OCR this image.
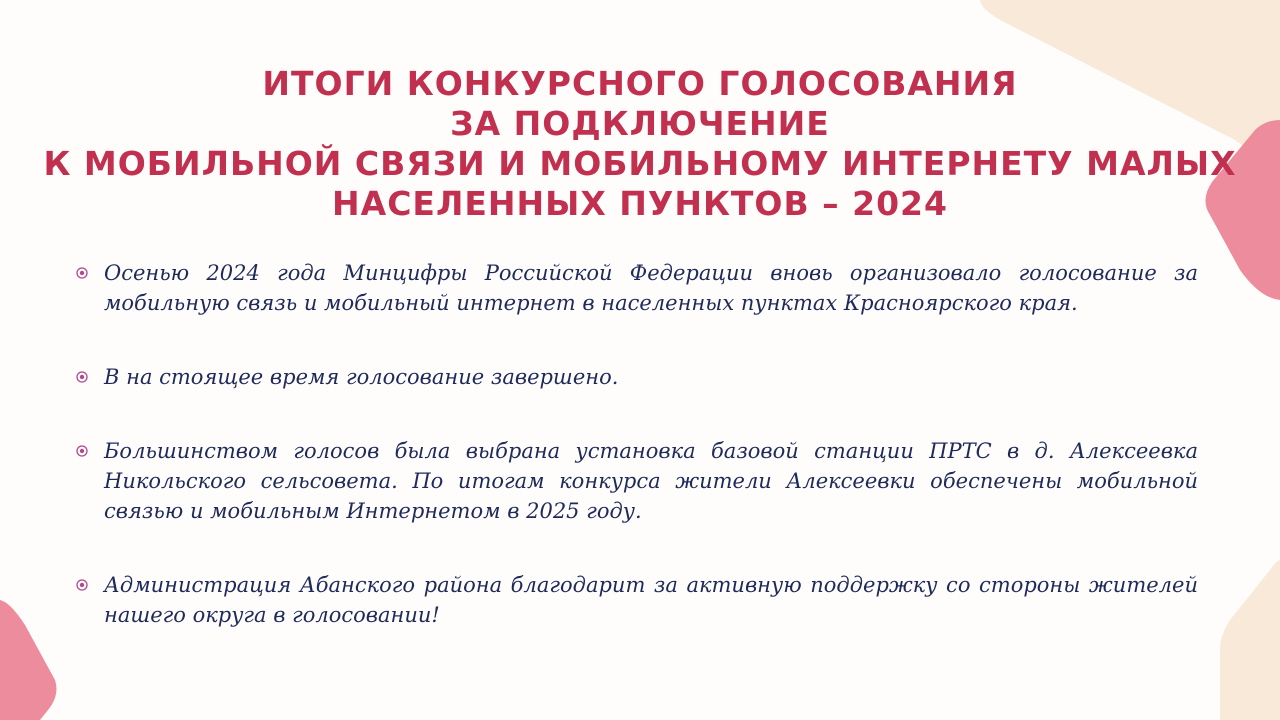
ИТОГИ КОНКУРСНОГО ГОЛОСОВАНИЯ
ЗА ПОДКЛЮЧЕНИЕ
К МОБИЛЬНОЙ СВЯЗИ И МОБИЛЬНОМУ ИНТЕРНЕТУ МАЛЫХ
НАСЕЛЕННЫХ ПУНКТОВ – 2024
Осенью 2024 года Минцифры Российской Федерации вновь организовало голосование за мобильную связь и мобильный интернет в населенных пунктах Красноярского края.
В на стоящее время голосование завершено.
Большинством голосов была выбрана установка базовой станции ПРТС в д. Алексеевка Никольского сельсовета. По итогам конкурса жители Алексеевки обеспечены мобильной связью и мобильным Интернетом в 2025 году.
Администрация Абанского района благодарит за активную поддержку со стороны жителей нашего округа в голосовании!
